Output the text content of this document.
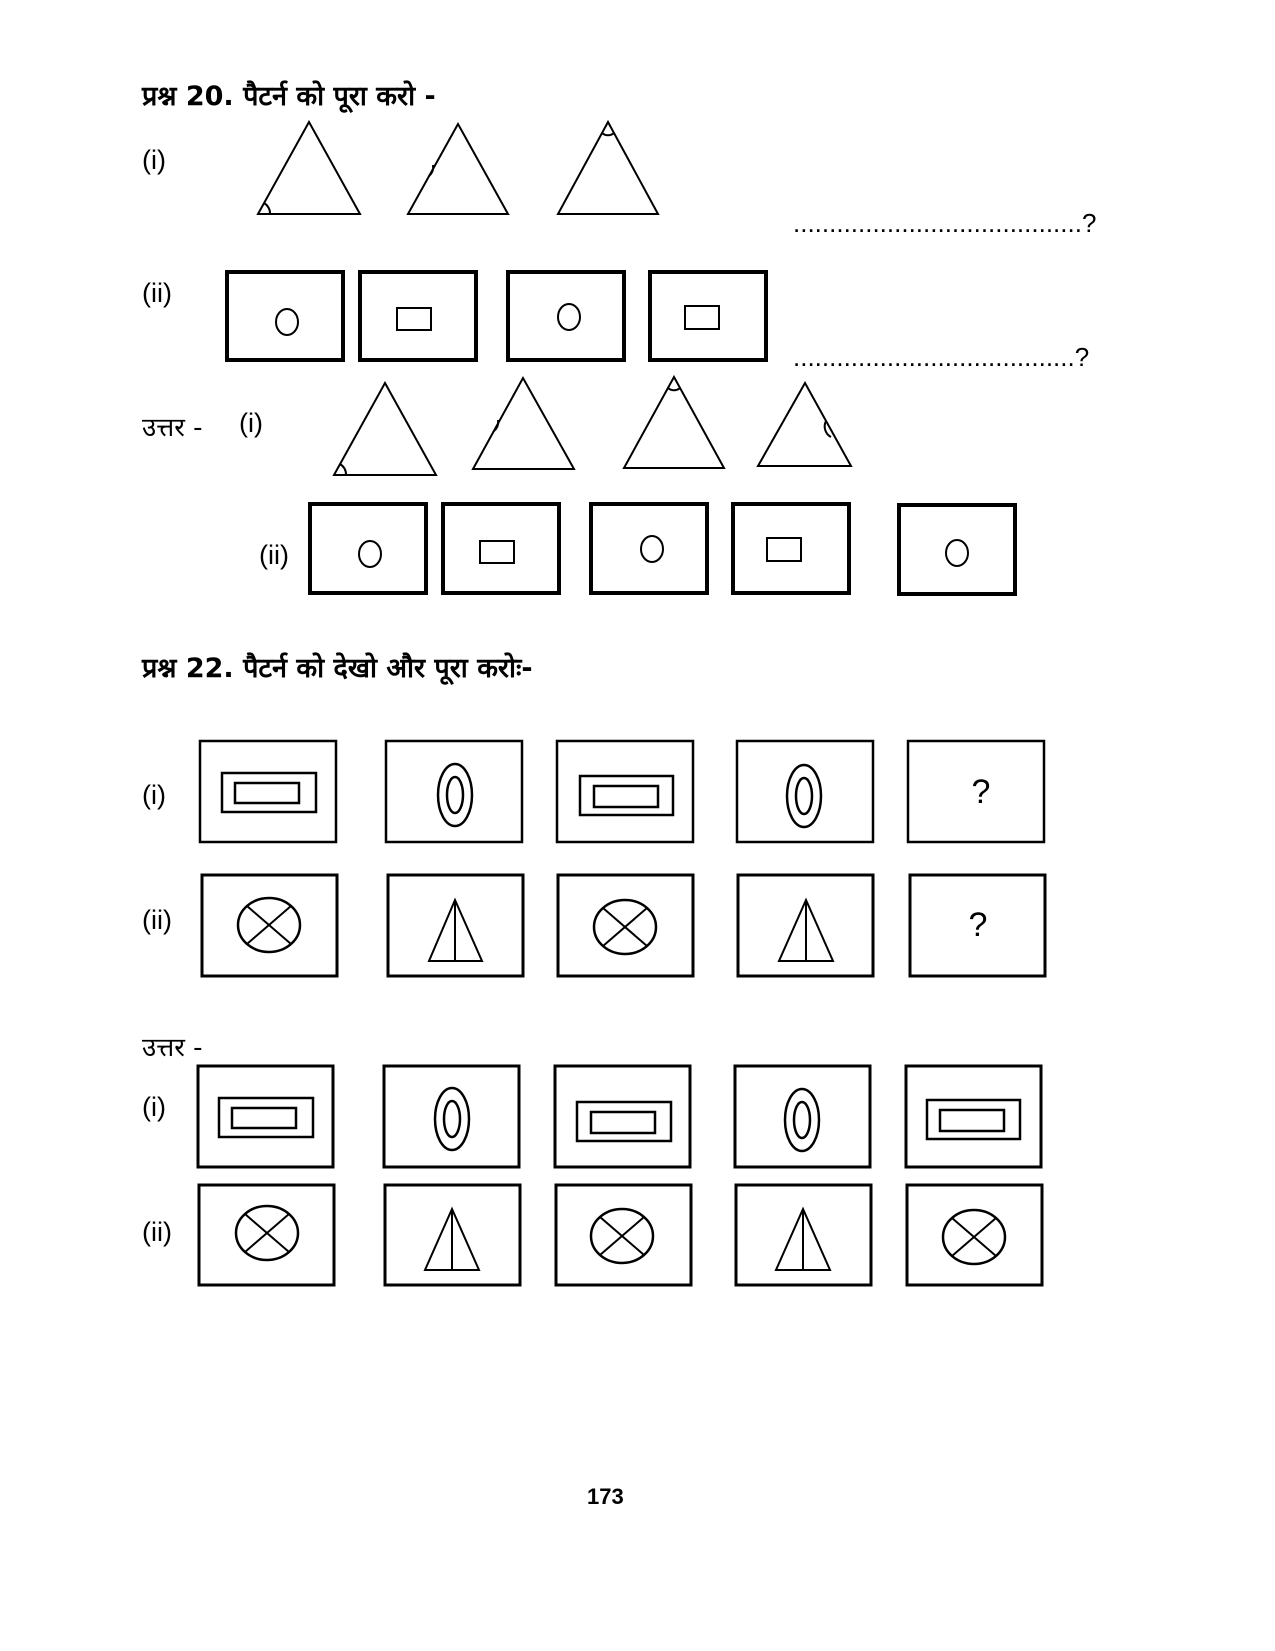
प्रश्न 20. पैटर्न को पूरा करो -
(i)
(ii)
........................................?
.......................................?
उत्तर - (i)
(ii)
प्रश्न 22. पैटर्न को देखो और पूरा करोः-
(i)
(ii)
?
?
उत्तर -
(i)
(ii)
173
